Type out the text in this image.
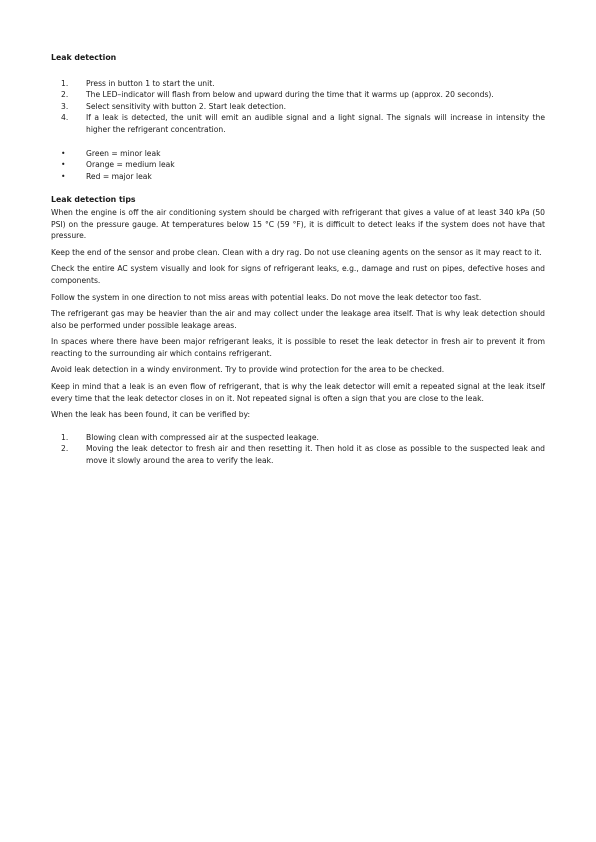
Leak detection

1.	Press in button 1 to start the unit.
2.	The LED–indicator will flash from below and upward during the time that it warms up (approx. 20 seconds).
3.	Select sensitivity with button 2. Start leak detection.
4.	If a leak is detected, the unit will emit an audible signal and a light signal. The signals will increase in intensity the higher the refrigerant concentration.
•	Green = minor leak
•	Orange = medium leak
•	Red = major leak

Leak detection tips

When the engine is off the air conditioning system should be charged with refrigerant that gives a value of at least 340 kPa (50 PSI) on the pressure gauge. At temperatures below 15 °C (59 °F), it is difficult to detect leaks if the system does not have that pressure.

Keep the end of the sensor and probe clean. Clean with a dry rag. Do not use cleaning agents on the sensor as it may react to it.

Check the entire AC system visually and look for signs of refrigerant leaks, e.g., damage and rust on pipes, defective hoses and components.

Follow the system in one direction to not miss areas with potential leaks. Do not move the leak detector too fast.

The refrigerant gas may be heavier than the air and may collect under the leakage area itself. That is why leak detection should also be performed under possible leakage areas.

In spaces where there have been major refrigerant leaks, it is possible to reset the leak detector in fresh air to prevent it from reacting to the surrounding air which contains refrigerant.

Avoid leak detection in a windy environment. Try to provide wind protection for the area to be checked.

Keep in mind that a leak is an even flow of refrigerant, that is why the leak detector will emit a repeated signal at the leak itself every time that the leak detector closes in on it. Not repeated signal is often a sign that you are close to the leak.

When the leak has been found, it can be verified by:

1.	Blowing clean with compressed air at the suspected leakage.
2.	Moving the leak detector to fresh air and then resetting it. Then hold it as close as possible to the suspected leak and move it slowly around the area to verify the leak.
